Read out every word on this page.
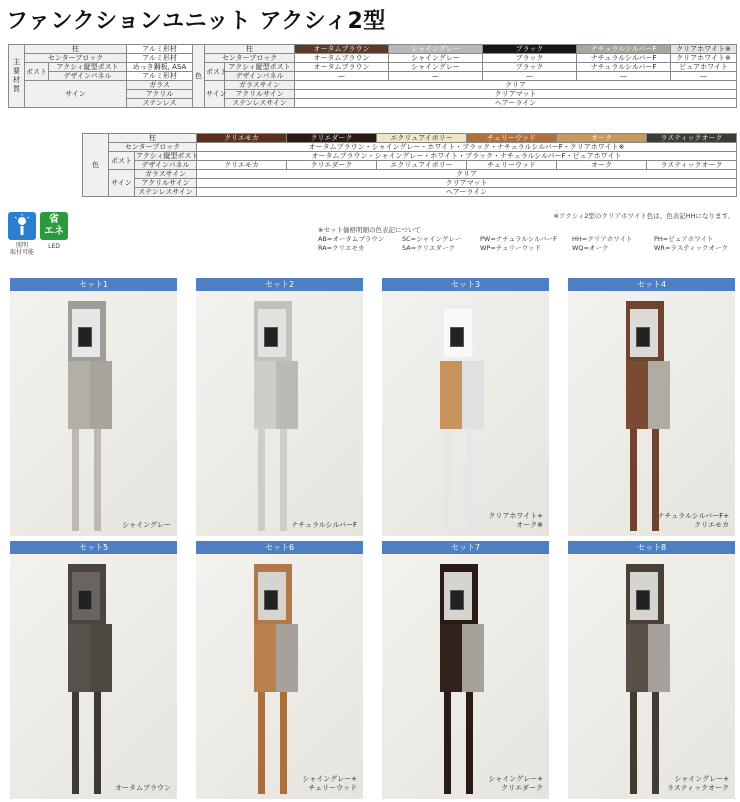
ファンクションユニット アクシィ2型
主要材質	柱		アルミ形材	色	柱		オータムブラウン	シャイングレー	ブラック	ナチュラルシルバーF	クリアホワイト※
	センターブロック		アルミ形材		センターブロック		オータムブラウン	シャイングレー	ブラック	ナチュラルシルバーF	クリアホワイト※
	ポスト	アクシィ縦型ポスト	めっき鋼板, ASA		ポスト	アクシィ縦型ポスト	オータムブラウン	シャイングレー	ブラック	ナチュラルシルバーF	ピュアホワイト
		デザインパネル	アルミ形材			デザインパネル	—	—	—	—	—
	サイン		ガラス		サイン	ガラスサイン	クリア				
			アクリル			アクリルサイン	クリアマット				
			ステンレス			ステンレスサイン	ヘアーライン				
色	柱		クリエモカ	クリエダーク	エクリュアイボリー	チェリーウッド	オーク	ラスティックオーク
	センターブロック		オータムブラウン・シャイングレー・ホワイト・ブラック・ナチュラルシルバーF・クリアホワイト※					
	ポスト	アクシィ縦型ポスト	オータムブラウン・シャイングレー・ホワイト・ブラック・ナチュラルシルバーF・ピュアホワイト					
		デザインパネル	クリエモカ	クリエダーク	エクリュアイボリー	チェリーウッド	オーク	ラスティックオーク
	サイン	ガラスサイン	クリア					
		アクリルサイン	クリアマット					
		ステンレスサイン	ヘアーライン					
照明
取付可能
省
エネ
LED
※アクシィ2型のクリアホワイト色は、色表記HHになります。
※セット価格明細の色表記について
AB=オータムブラウン	SC=シャイングレー	PW=ナチュラルシルバーF	HH=クリアホワイト	PH=ピュアホワイト
RA=クリエモカ	SA=クリエダーク	WP=チェリーウッド	WQ=オーク	WR=ラスティックオーク
セット1
シャイングレー
セット2
ナチュラルシルバーF
セット3
クリアホワイト+
オーク※
セット4
ナチュラルシルバーF+
クリエモカ
セット5
オータムブラウン
セット6
シャイングレー+
チェリーウッド
セット7
シャイングレー+
クリエダーク
セット8
シャイングレー+
ラスティックオーク
